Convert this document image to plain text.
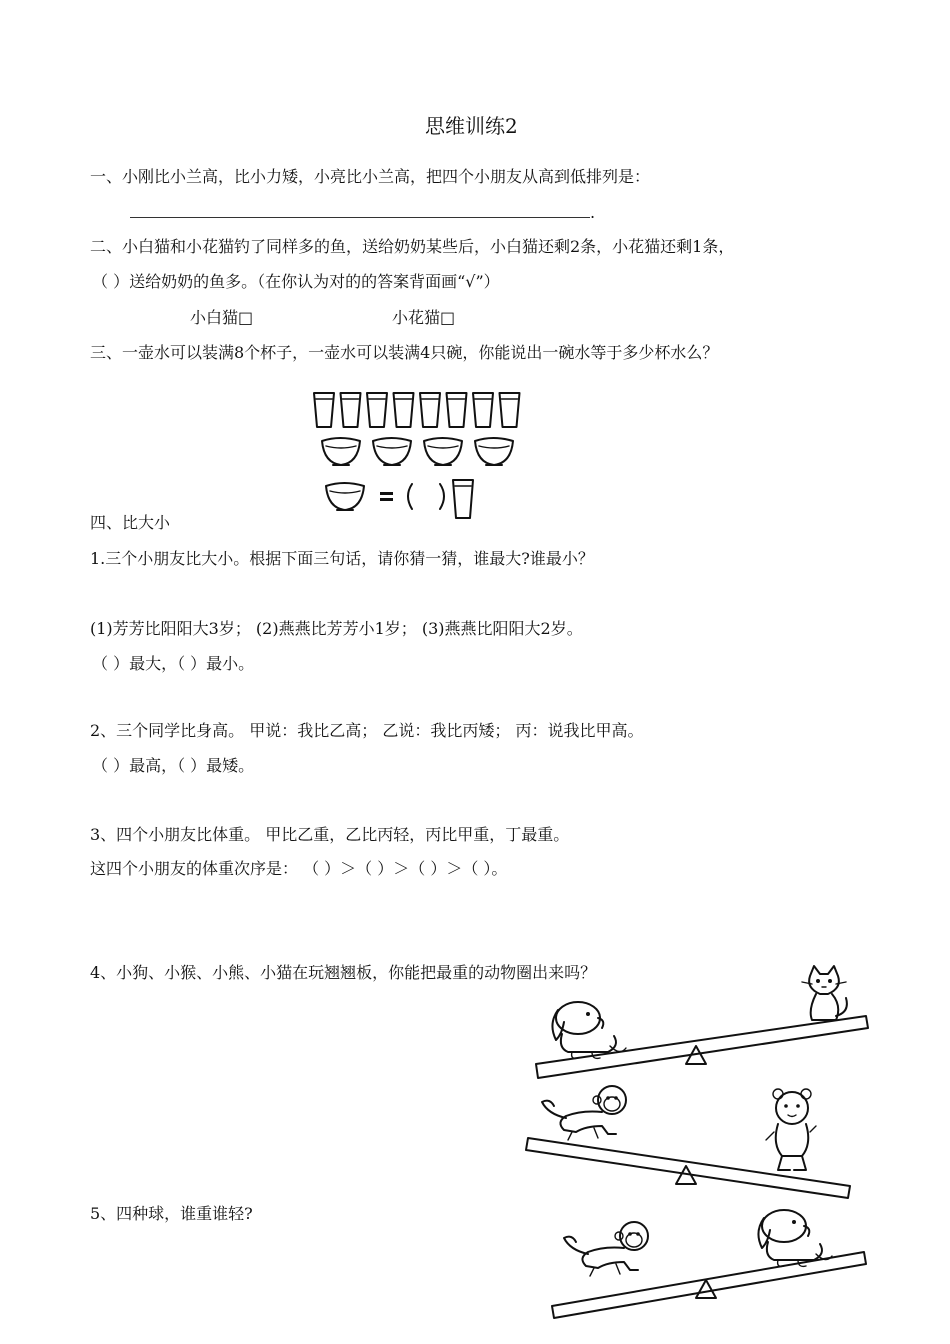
思维训练2
一、小刚比小兰高，比小力矮，小亮比小兰高，把四个小朋友从高到低排列是：
.
二、小白猫和小花猫钓了同样多的鱼，送给奶奶某些后，小白猫还剩2条，小花猫还剩1条，
（ ）送给奶奶的鱼多。（在你认为对的的答案背面画“√”）
小白猫□	小花猫□
三、一壶水可以装满8个杯子，一壶水可以装满4只碗，你能说出一碗水等于多少杯水么？
四、比大小
1.三个小朋友比大小。根据下面三句话，请你猜一猜，谁最大?谁最小？
(1)芳芳比阳阳大3岁； (2)燕燕比芳芳小1岁； (3)燕燕比阳阳大2岁。
（ ）最大，（ ）最小。
2、三个同学比身高。 甲说：我比乙高； 乙说：我比丙矮； 丙：说我比甲高。
（ ）最高，（ ）最矮。
3、四个小朋友比体重。 甲比乙重，乙比丙轻，丙比甲重，丁最重。
这四个小朋友的体重次序是： （ ）＞（ ）＞（ ）＞（ ）。
4、小狗、小猴、小熊、小猫在玩翘翘板，你能把最重的动物圈出来吗？
5、四种球，谁重谁轻?
